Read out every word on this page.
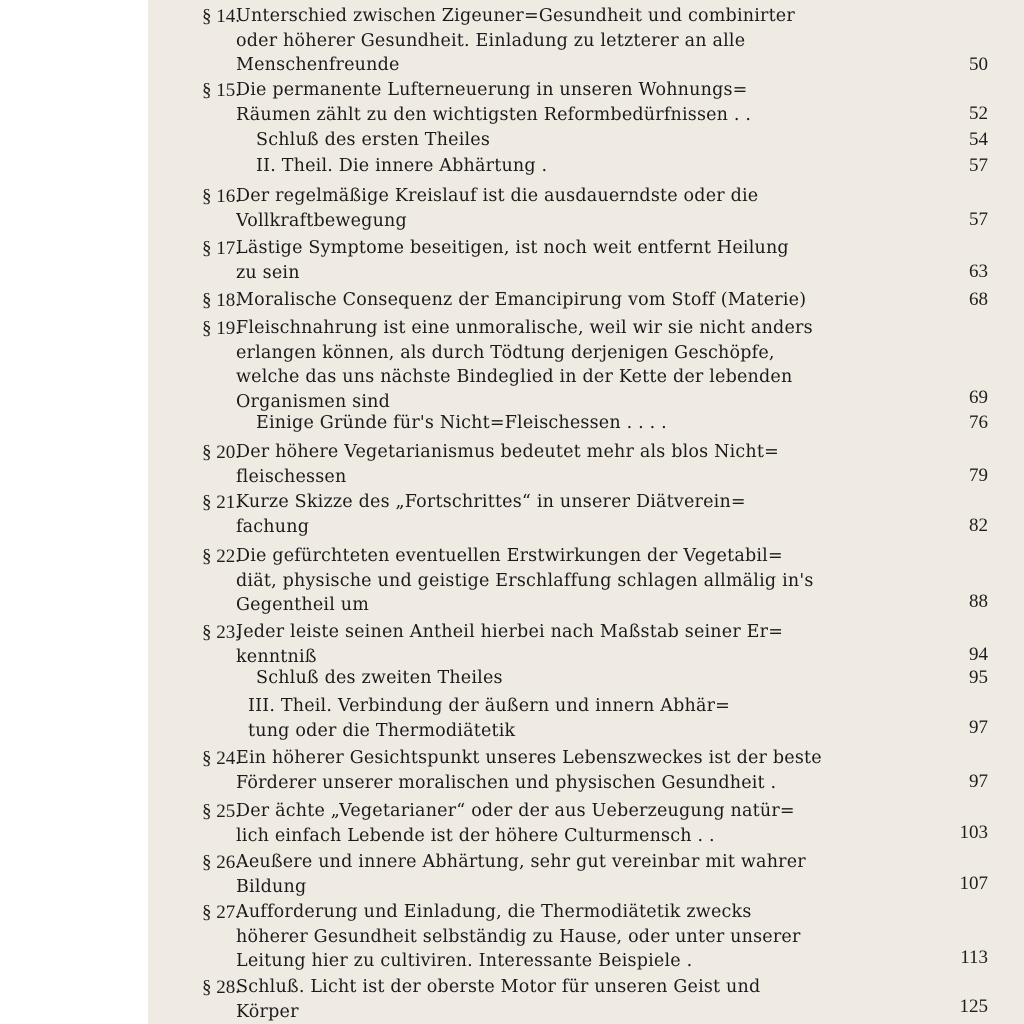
§ 14.
Unterschied zwischen Zigeuner=Gesundheit und combinirter
oder höherer Gesundheit. Einladung zu letzterer an alle
Menschenfreunde	50
§ 15.
Die permanente Lufterneuerung in unseren Wohnungs=
Räumen zählt zu den wichtigsten Reformbedürfnissen . .	52
Schluß des ersten Theiles	54
II. Theil. Die innere Abhärtung .	57
§ 16.
Der regelmäßige Kreislauf ist die ausdauerndste oder die
Vollkraftbewegung	57
§ 17.
Lästige Symptome beseitigen, ist noch weit entfernt Heilung
zu sein	63
§ 18.
Moralische Consequenz der Emancipirung vom Stoff (Materie)	68
§ 19.
Fleischnahrung ist eine unmoralische, weil wir sie nicht anders
erlangen können, als durch Tödtung derjenigen Geschöpfe,
welche das uns nächste Bindeglied in der Kette der lebenden
Organismen sind	69
Einige Gründe für's Nicht=Fleischessen . . . .	76
§ 20.
Der höhere Vegetarianismus bedeutet mehr als blos Nicht=
fleischessen	79
§ 21.
Kurze Skizze des „Fortschrittes“ in unserer Diätverein=
fachung	82
§ 22.
Die gefürchteten eventuellen Erstwirkungen der Vegetabil=
diät, physische und geistige Erschlaffung schlagen allmälig in's
Gegentheil um	88
§ 23.
Jeder leiste seinen Antheil hierbei nach Maßstab seiner Er=
kenntniß	94
Schluß des zweiten Theiles	95
III. Theil. Verbindung der äußern und innern Abhär=
tung oder die Thermodiätetik	97
§ 24.
Ein höherer Gesichtspunkt unseres Lebenszweckes ist der beste
Förderer unserer moralischen und physischen Gesundheit .	97
§ 25.
Der ächte „Vegetarianer“ oder der aus Ueberzeugung natür=
lich einfach Lebende ist der höhere Culturmensch . .	103
§ 26.
Aeußere und innere Abhärtung, sehr gut vereinbar mit wahrer
Bildung	107
§ 27.
Aufforderung und Einladung, die Thermodiätetik zwecks
höherer Gesundheit selbständig zu Hause, oder unter unserer
Leitung hier zu cultiviren. Interessante Beispiele .	113
§ 28.
Schluß. Licht ist der oberste Motor für unseren Geist und
Körper	125
